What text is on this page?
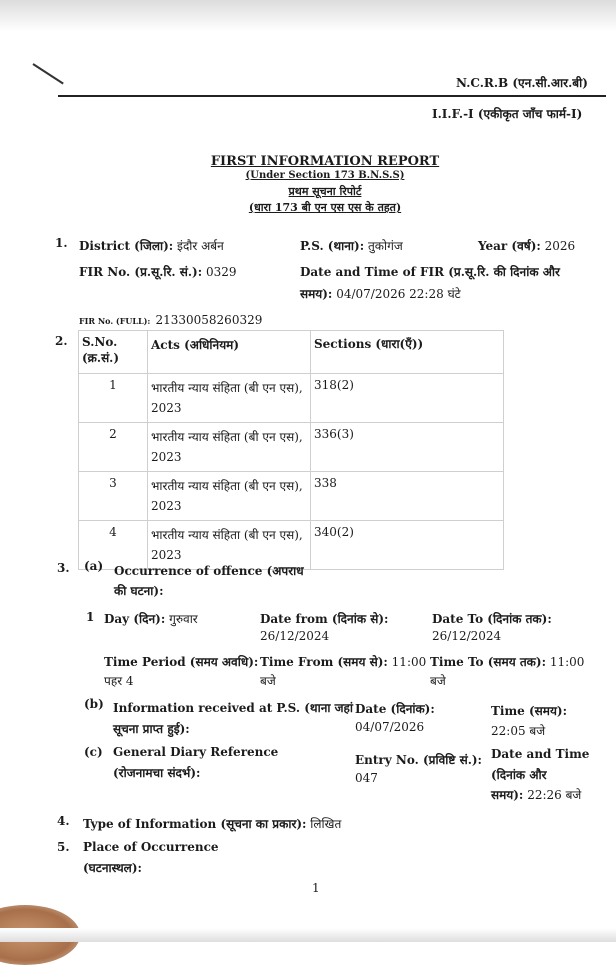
N.C.R.B (एन.सी.आर.बी)
I.I.F.-I (एकीकृत जाँच फार्म-I)
FIRST INFORMATION REPORT
(Under Section 173 B.N.S.S)
प्रथम सूचना रिपोर्ट
(धारा 173 बी एन एस एस के तहत)
1. District (जिला): इंदौर अर्बन	P.S. (थाना): तुकोगंज	Year (वर्ष): 2026
FIR No. (प्र.सू.रि. सं.): 0329	Date and Time of FIR (प्र.सू.रि. की दिनांक और
समय): 04/07/2026 22:28 घंटे
FIR No. (FULL): 21330058260329
2. S.No. (क्र.सं.)	Acts (अधिनियम)	Sections (धारा(एँ))
1	भारतीय न्याय संहिता (बी एन एस), 2023	318(2)
2	भारतीय न्याय संहिता (बी एन एस), 2023	336(3)
3	भारतीय न्याय संहिता (बी एन एस), 2023	338
4	भारतीय न्याय संहिता (बी एन एस), 2023	340(2)
3. (a) Occurrence of offence (अपराध
की घटना):
1 Day (दिन): गुरुवार	Date from (दिनांक से):
26/12/2024
Date To (दिनांक तक):
26/12/2024
Time Period (समय अवधि):
पहर 4
Time From (समय से): 11:00
बजे
Time To (समय तक): 11:00
बजे
(b) Information received at P.S. (थाना जहां
सूचना प्राप्त हुई):
Date (दिनांक):
04/07/2026
Time (समय):
22:05 बजे
(c) General Diary Reference
(रोजनामचा संदर्भ):
Entry No. (प्रविष्टि सं.):
047
Date and Time
(दिनांक और
समय): 22:26 बजे
4. Type of Information (सूचना का प्रकार): लिखित
5. Place of Occurrence
(घटनास्थल):
1
